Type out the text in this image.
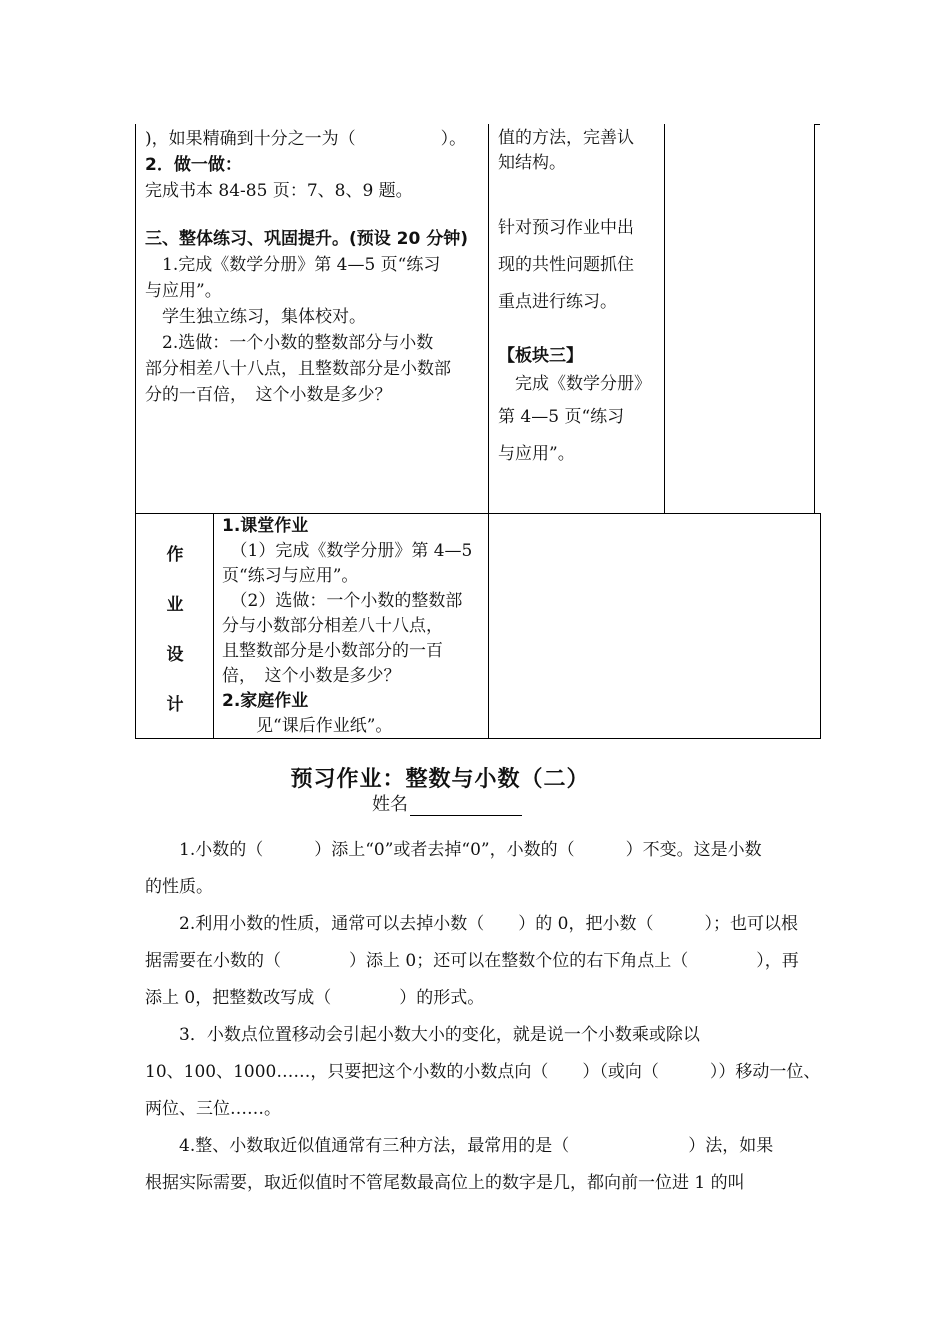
)，如果精确到十分之一为（　　　　　）。
2．做一做：
完成书本 84-85 页：7、8、9 题。
三、整体练习、巩固提升。(预设 20 分钟)
　1.完成《数学分册》第 4—5 页“练习
与应用”。
　学生独立练习，集体校对。
　2.选做：一个小数的整数部分与小数
部分相差八十八点，且整数部分是小数部
分的一百倍，　这个小数是多少？
值的方法，完善认
知结构。
针对预习作业中出
现的共性问题抓住
重点进行练习。
【板块三】
　完成《数学分册》
第 4—5 页“练习
与应用”。
作
业
设
计
1.课堂作业
　（1）完成《数学分册》第 4—5
页“练习与应用”。
　（2）选做：一个小数的整数部
分与小数部分相差八十八点，
且整数部分是小数部分的一百
倍，　这个小数是多少？
2.家庭作业
　　见“课后作业纸”。
预习作业：整数与小数（二）
姓名
　　1.小数的（　　　）添上“0”或者去掉“0”，小数的（　　　）不变。这是小数
的性质。
　　2.利用小数的性质，通常可以去掉小数（　　）的 0，把小数（　　　）；也可以根
据需要在小数的（　　　　）添上 0；还可以在整数个位的右下角点上（　　　　），再
添上 0，把整数改写成（　　　　）的形式。
　　3．小数点位置移动会引起小数大小的变化，就是说一个小数乘或除以
10、100、1000……，只要把这个小数的小数点向（　　）（或向（　　　））移动一位、
两位、三位……。
　　4.整、小数取近似值通常有三种方法，最常用的是（　　　　　　　）法，如果
根据实际需要，取近似值时不管尾数最高位上的数字是几，都向前一位进 1 的叫
